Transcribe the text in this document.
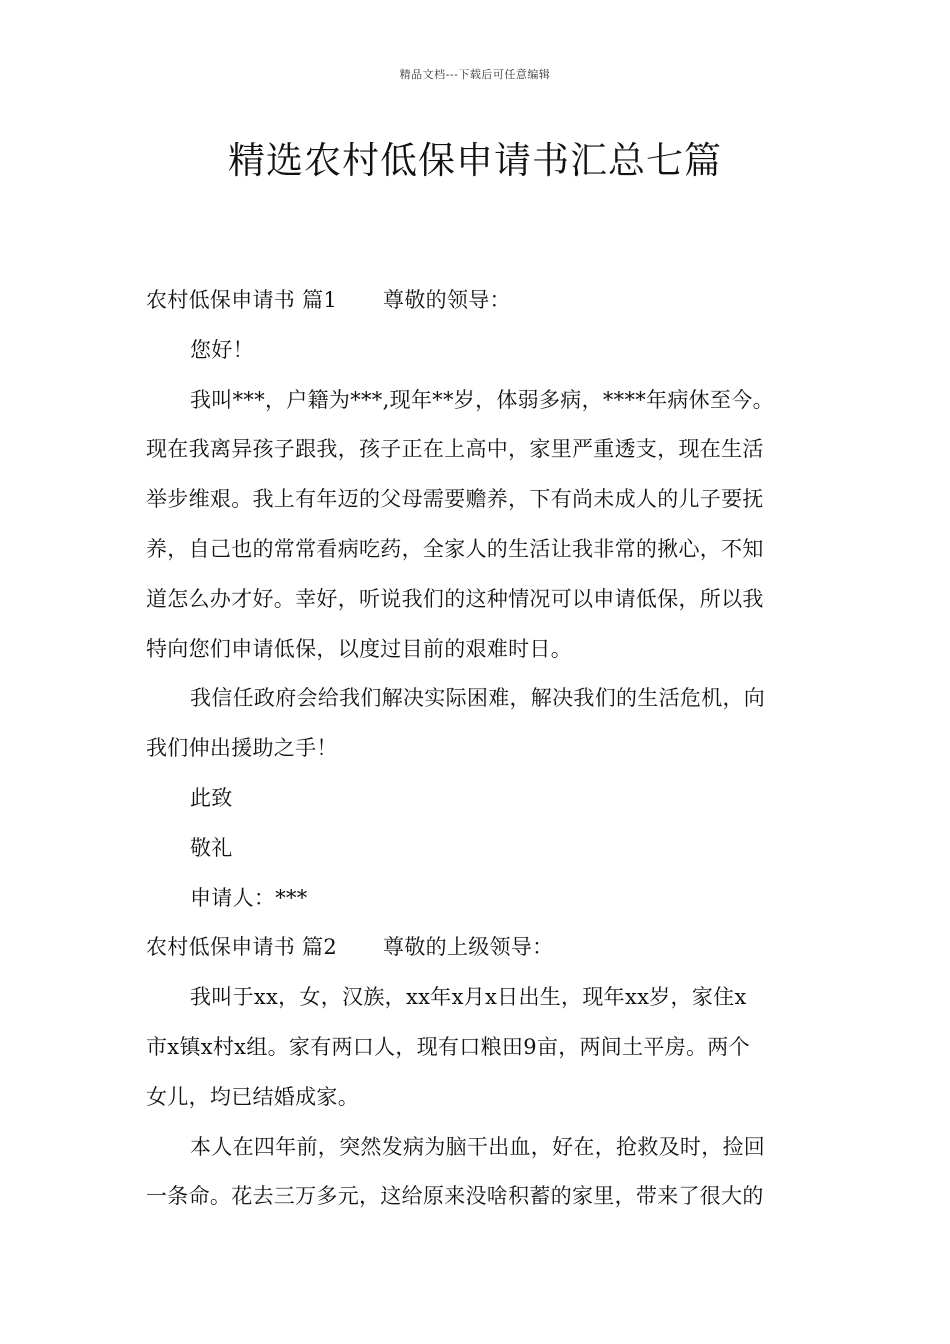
精品文档---下载后可任意编辑
精选农村低保申请书汇总七篇
农村低保申请书 篇1 尊敬的领导：
您好！
我叫***，户籍为***,现年**岁，体弱多病，****年病休至今。
现在我离异孩子跟我，孩子正在上高中，家里严重透支，现在生活
举步维艰。我上有年迈的父母需要赡养，下有尚未成人的儿子要抚
养，自己也的常常看病吃药，全家人的生活让我非常的揪心，不知
道怎么办才好。幸好，听说我们的这种情况可以申请低保，所以我
特向您们申请低保，以度过目前的艰难时日。
我信任政府会给我们解决实际困难，解决我们的生活危机，向
我们伸出援助之手！
此致
敬礼
申请人：***
农村低保申请书 篇2 尊敬的上级领导：
我叫于xx，女，汉族，xx年x月x日出生，现年xx岁，家住x
市x镇x村x组。家有两口人，现有口粮田9亩，两间土平房。两个
女儿，均已结婚成家。
本人在四年前，突然发病为脑干出血，好在，抢救及时，捡回
一条命。花去三万多元，这给原来没啥积蓄的家里，带来了很大的
